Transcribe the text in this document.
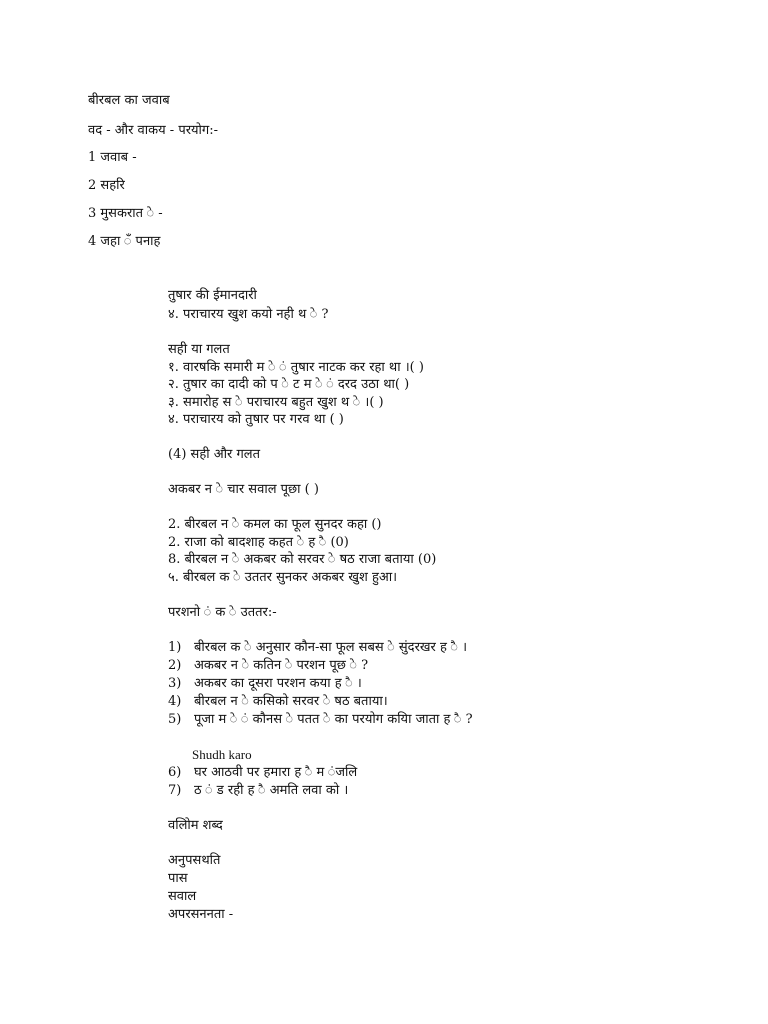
बीरबल का जवाब
वद - और वाकय - परयोग:-
1 जवाब -
2 सहरि
3 मुसकरात े -
4 जहा ँ पनाह
तुषार की ईमानदारी
४. पराचारय खुश कयो नही थ े ?
सही या गलत
१. वारषकि समारी म े ं तुषार नाटक कर रहा था ।( )
२. तुषार का दादी को प े ट म े ं दरद उठा था( )
३. समारोह स े पराचारय बहुत खुश थ े ।( )
४. पराचारय को तुषार पर गरव था ( )
(4) सही और गलत
अकबर न े चार सवाल पूछा ( )
2. बीरबल न े कमल का फूल सुनदर कहा ()
2. राजा को बादशाह कहत े ह ै (0)
8. बीरबल न े अकबर को सरवर े षठ राजा बताया (0)
५. बीरबल क े उततर सुनकर अकबर खुश हुआ।
परशनो ं क े उततर:-
1) बीरबल क े अनुसार कौन-सा फूल सबस े सुंदरखर ह ै ।
2) अकबर न े कतिन े परशन पूछ े ?
3) अकबर का दूसरा परशन कया ह ै ।
4) बीरबल न े कसिको सरवर े षठ बताया।
5) पूजा म े ं कौनस े पतत े का परयोग कयिा जाता ह ै ?
Shudh karo
6) घर आठवी पर हमारा ह ै म ंजलि
7) ठ ं ड रही ह ै अमति लवा को ।
वलिोम शब्द
अनुपसथति
पास
सवाल
अपरसननता -
